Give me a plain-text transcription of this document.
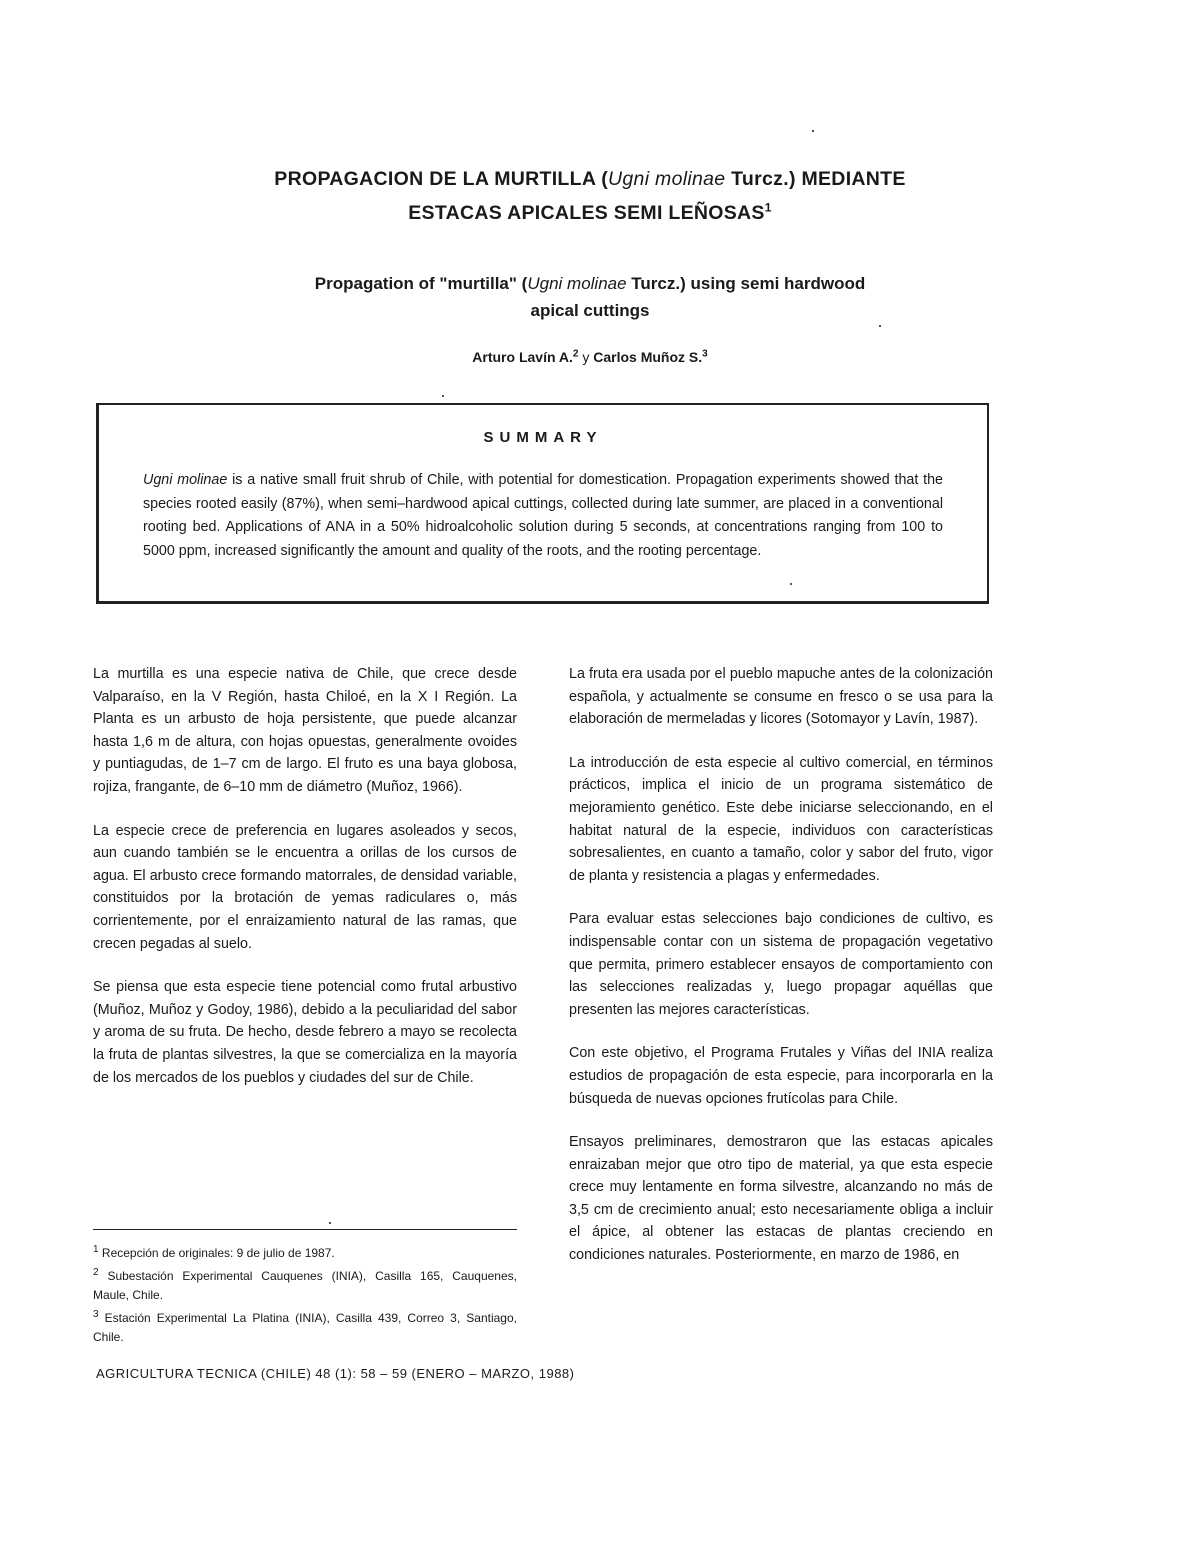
PROPAGACION DE LA MURTILLA (Ugni molinae Turcz.) MEDIANTE
ESTACAS APICALES SEMI LEÑOSAS$^1$
Propagation of "murtilla" (Ugni molinae Turcz.) using semi hardwood
apical cuttings
Arturo Lavín A.$^2$ y Carlos Muñoz S.$^3$
SUMMARY
Ugni molinae is a native small fruit shrub of Chile, with potential for domestication. Propagation experiments showed that the species rooted easily (87%), when semi–hardwood apical cuttings, collected during late summer, are placed in a conventional rooting bed. Applications of ANA in a 50% hidroalcoholic solution during 5 seconds, at concentrations ranging from 100 to 5000 ppm, increased significantly the amount and quality of the roots, and the rooting percentage.

La murtilla es una especie nativa de Chile, que crece desde Valparaíso, en la V Región, hasta Chiloé, en la X I Región. La Planta es un arbusto de hoja persistente, que puede alcanzar hasta 1,6 m de altura, con hojas opuestas, generalmente ovoides y puntiagudas, de 1–7 cm de largo. El fruto es una baya globosa, rojiza, frangante, de 6–10 mm de diámetro (Muñoz, 1966).

La especie crece de preferencia en lugares asoleados y secos, aun cuando también se le encuentra a orillas de los cursos de agua. El arbusto crece formando matorrales, de densidad variable, constituidos por la brotación de yemas radiculares o, más corrientemente, por el enraizamiento natural de las ramas, que crecen pegadas al suelo.

Se piensa que esta especie tiene potencial como frutal arbustivo (Muñoz, Muñoz y Godoy, 1986), debido a la peculiaridad del sabor y aroma de su fruta. De hecho, desde febrero a mayo se recolecta la fruta de plantas silvestres, la que se comercializa en la mayoría de los mercados de los pueblos y ciudades del sur de Chile.

La fruta era usada por el pueblo mapuche antes de la colonización española, y actualmente se consume en fresco o se usa para la elaboración de mermeladas y licores (Sotomayor y Lavín, 1987).

La introducción de esta especie al cultivo comercial, en términos prácticos, implica el inicio de un programa sistemático de mejoramiento genético. Este debe iniciarse seleccionando, en el habitat natural de la especie, individuos con características sobresalientes, en cuanto a tamaño, color y sabor del fruto, vigor de planta y resistencia a plagas y enfermedades.

Para evaluar estas selecciones bajo condiciones de cultivo, es indispensable contar con un sistema de propagación vegetativo que permita, primero establecer ensayos de comportamiento con las selecciones realizadas y, luego propagar aquéllas que presenten las mejores características.

Con este objetivo, el Programa Frutales y Viñas del INIA realiza estudios de propagación de esta especie, para incorporarla en la búsqueda de nuevas opciones frutícolas para Chile.

Ensayos preliminares, demostraron que las estacas apicales enraizaban mejor que otro tipo de material, ya que esta especie crece muy lentamente en forma silvestre, alcanzando no más de 3,5 cm de crecimiento anual; esto necesariamente obliga a incluir el ápice, al obtener las estacas de plantas creciendo en condiciones naturales. Posteriormente, en marzo de 1986, en

$^1$ Recepción de originales: 9 de julio de 1987.
$^2$ Subestación Experimental Cauquenes (INIA), Casilla 165, Cauquenes, Maule, Chile.
$^3$ Estación Experimental La Platina (INIA), Casilla 439, Correo 3, Santiago, Chile.
AGRICULTURA TECNICA (CHILE) 48 (1): 58 – 59 (ENERO – MARZO, 1988)
